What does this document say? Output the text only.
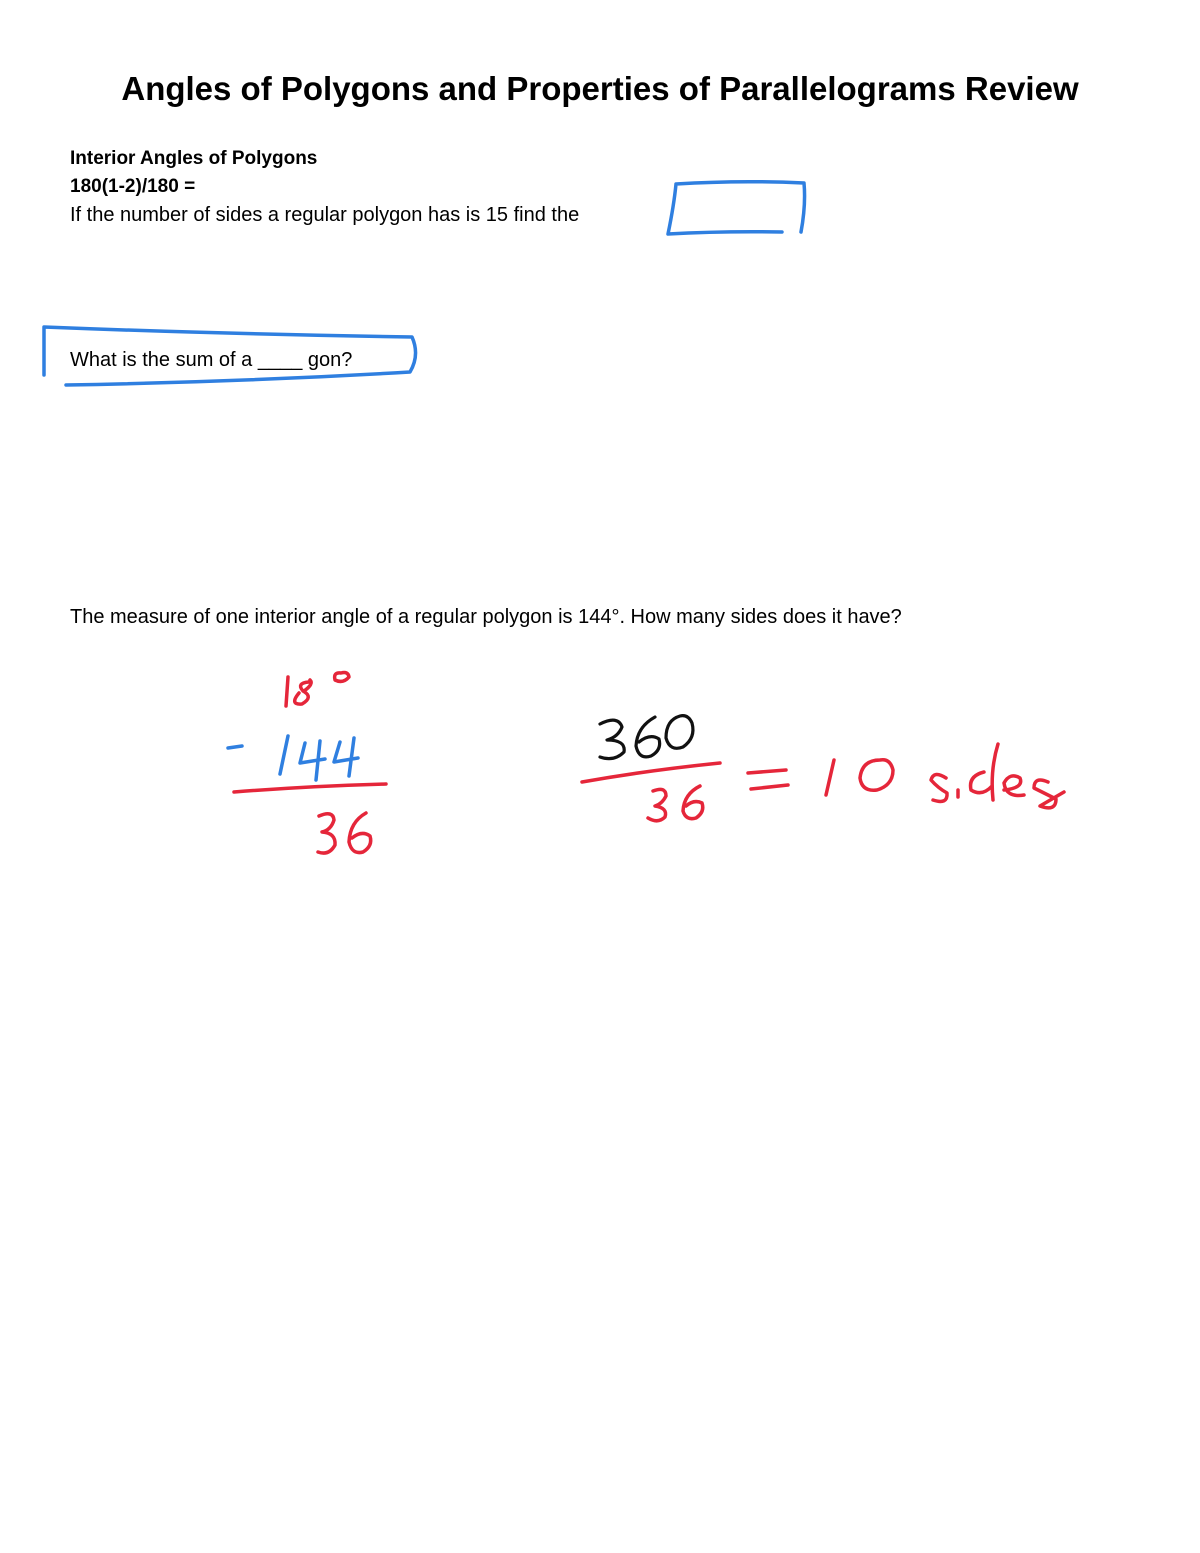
Angles of Polygons and Properties of Parallelograms Review

Interior Angles of Polygons

180(1-2)/180 =

If the number of sides a regular polygon has is 15 find the

What is the sum of a ____ gon?

The measure of one interior angle of a regular polygon is 144°. How many sides does it have?
